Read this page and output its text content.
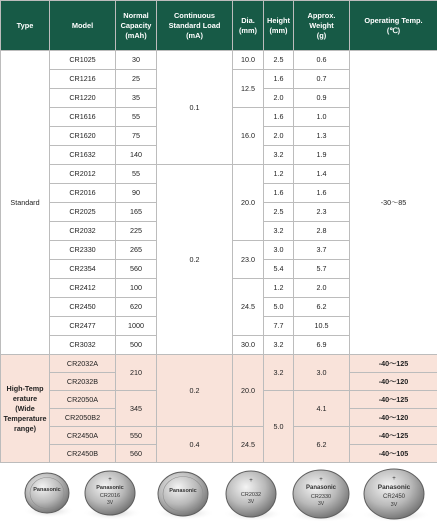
Type	Model	Normal
Capacity
(mAh)	Continuous
Standard Load
(mA)	Dia.
(mm)	Height
(mm)	Approx.
Weight
(g)	Operating Temp.
(℃)
Standard	CR1025	30	0.1	10.0	2.5	0.6	-30～85
	CR1216	25		12.5	1.6	0.7	
	CR1220	35			2.0	0.9	
	CR1616	55		16.0	1.6	1.0	
	CR1620	75			2.0	1.3	
	CR1632	140			3.2	1.9	
	CR2012	55	0.2	20.0	1.2	1.4	
	CR2016	90			1.6	1.6	
	CR2025	165			2.5	2.3	
	CR2032	225			3.2	2.8	
	CR2330	265		23.0	3.0	3.7	
	CR2354	560			5.4	5.7	
	CR2412	100		24.5	1.2	2.0	
	CR2450	620			5.0	6.2	
	CR2477	1000			7.7	10.5	
	CR3032	500		30.0	3.2	6.9	
High-Temp
erature
(Wide
Temperature
range)	CR2032A	210	0.2	20.0	3.2	3.0	-40～125
	CR2032B						-40～120
	CR2050A	345			5.0	4.1	-40～125
	CR2050B2						-40～120
	CR2450A	550	0.4	24.5		6.2	-40～125
	CR2450B	560					-40～105
Panasonic
+
Panasonic
CR2016
3V
Panasonic
+
CR2032
3V
+
Panasonic
CR2330
3V
+
Panasonic
CR2450
3V
